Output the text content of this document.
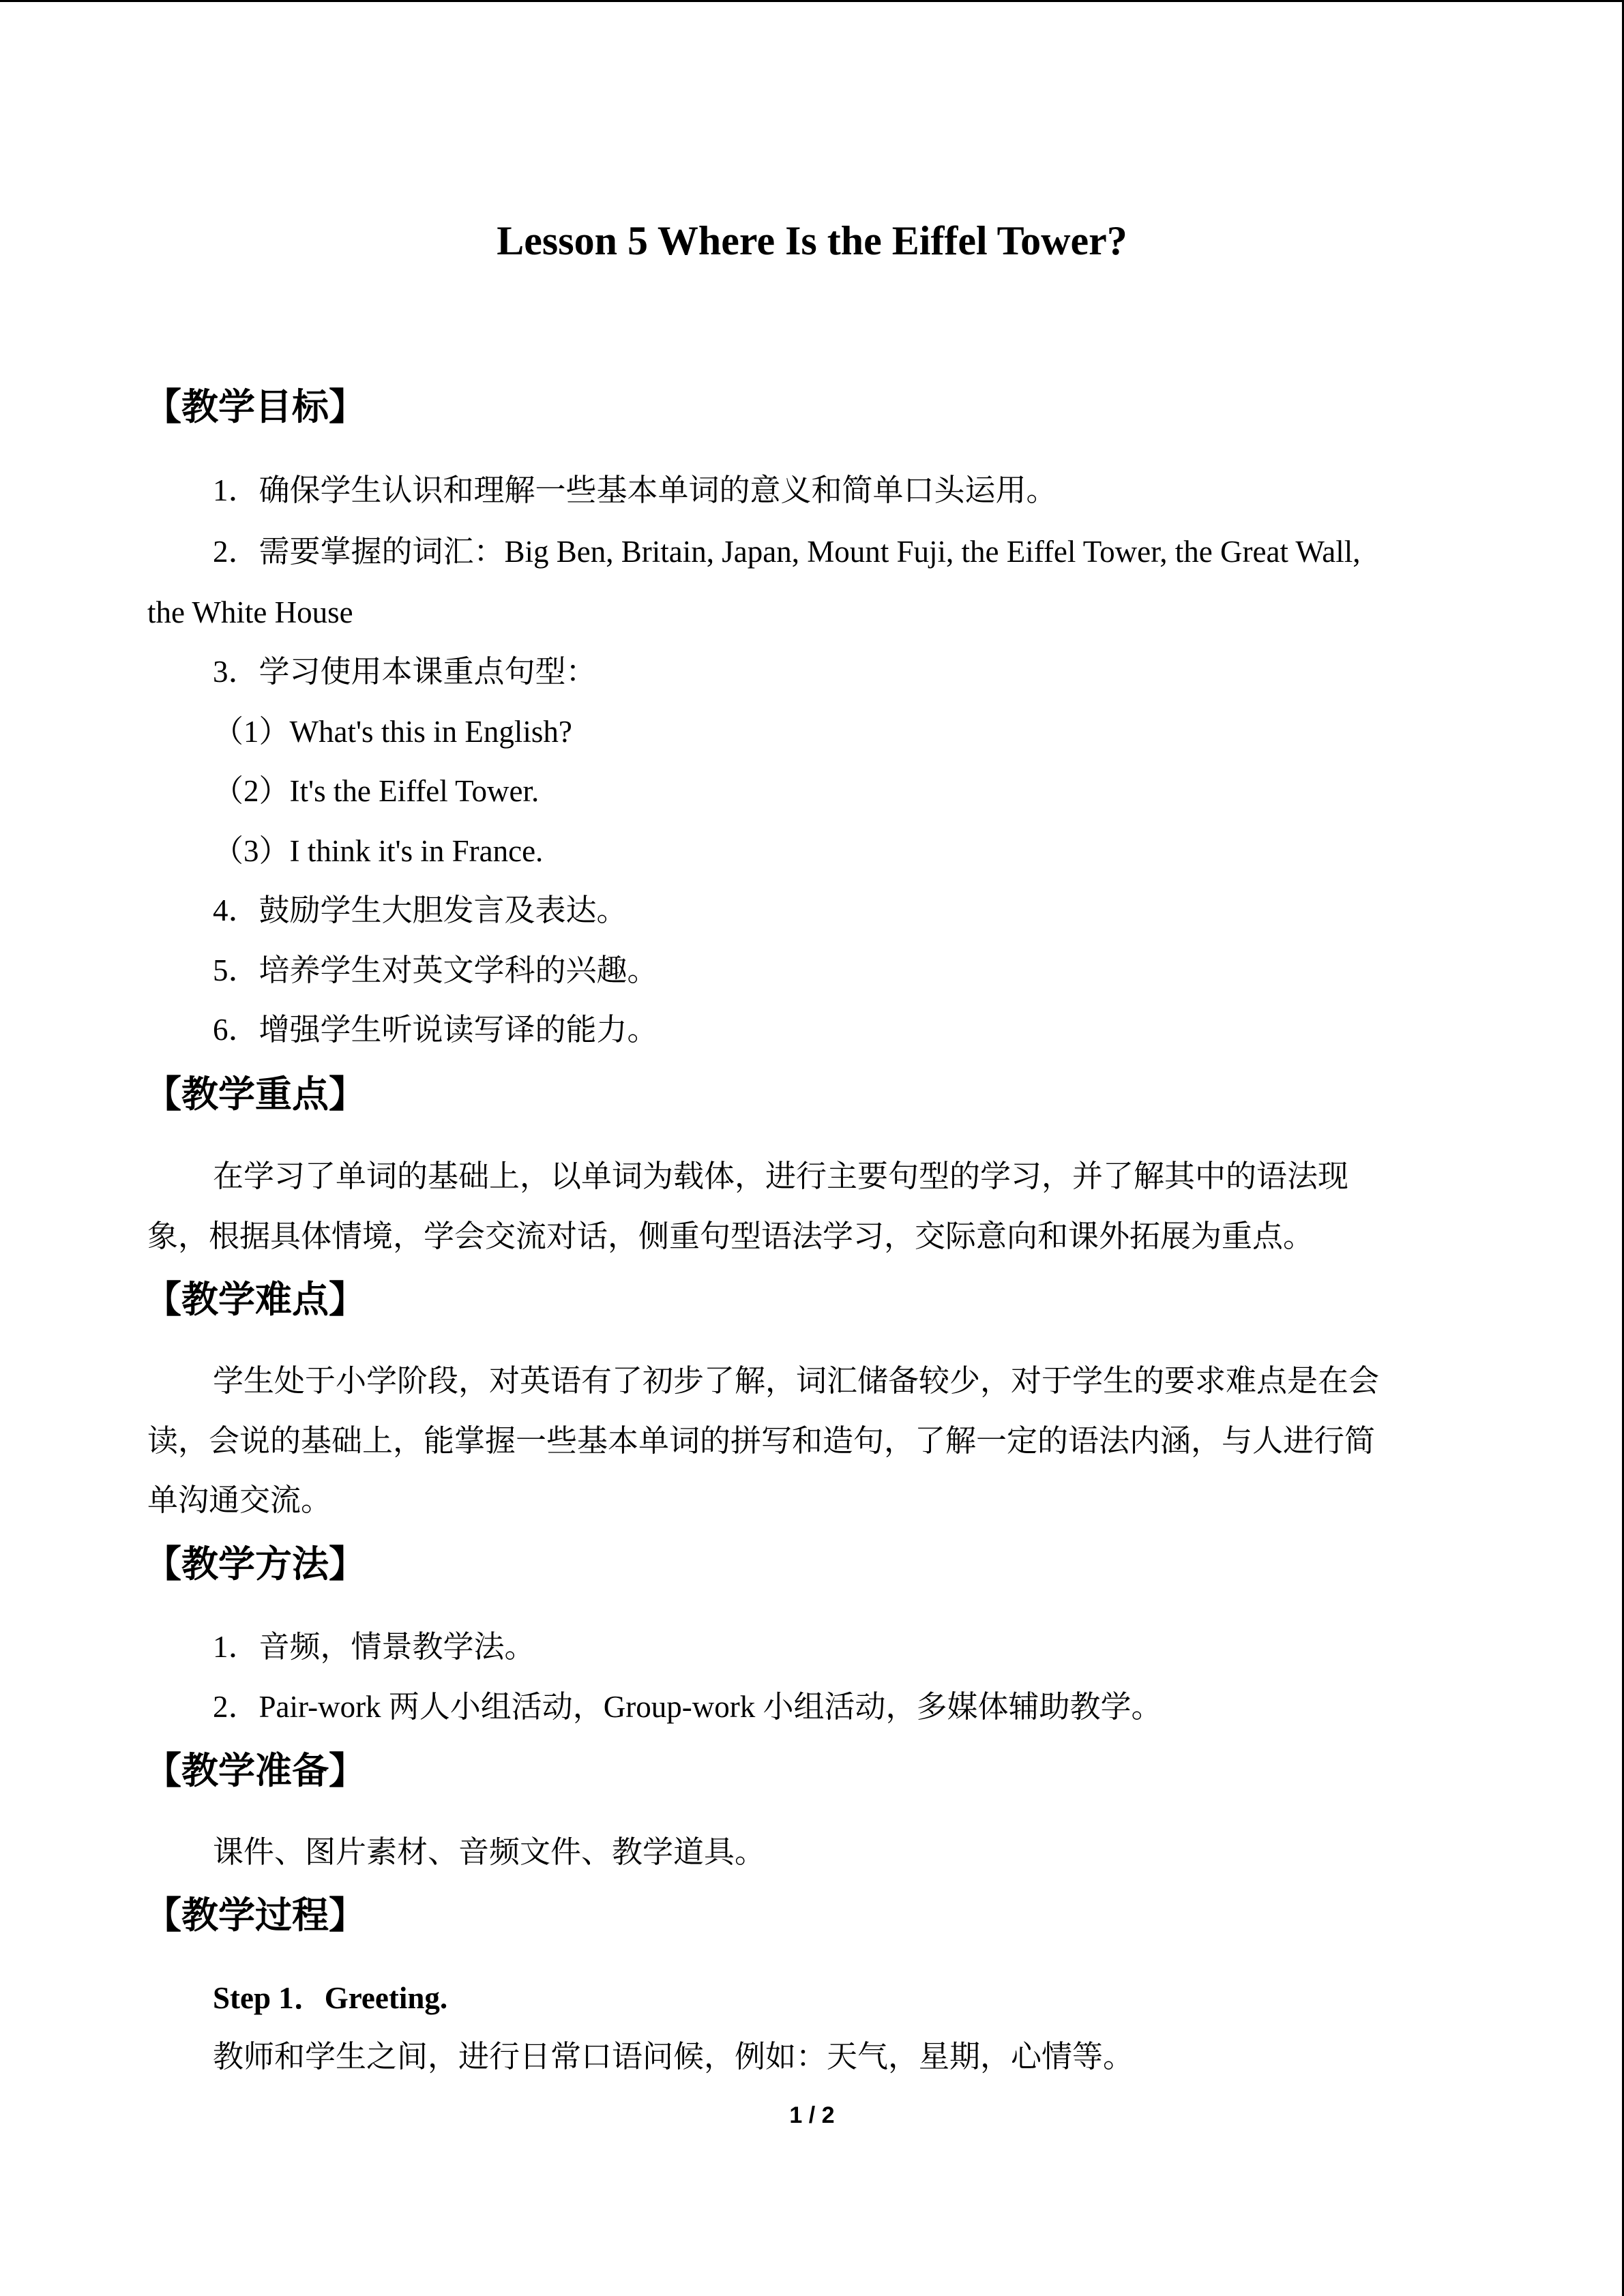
Lesson 5 Where Is the Eiffel Tower?
【教学目标】
1．确保学生认识和理解一些基本单词的意义和简单口头运用。
2．需要掌握的词汇：Big Ben, Britain, Japan, Mount Fuji, the Eiffel Tower, the Great Wall,
the White House
3．学习使用本课重点句型：
（1）What's this in English?
（2）It's the Eiffel Tower.
（3）I think it's in France.
4．鼓励学生大胆发言及表达。
5．培养学生对英文学科的兴趣。
6．增强学生听说读写译的能力。
【教学重点】
在学习了单词的基础上，以单词为载体，进行主要句型的学习，并了解其中的语法现
象，根据具体情境，学会交流对话，侧重句型语法学习，交际意向和课外拓展为重点。
【教学难点】
学生处于小学阶段，对英语有了初步了解，词汇储备较少，对于学生的要求难点是在会
读，会说的基础上，能掌握一些基本单词的拼写和造句，了解一定的语法内涵，与人进行简
单沟通交流。
【教学方法】
1．音频，情景教学法。
2．Pair-work 两人小组活动，Group-work 小组活动，多媒体辅助教学。
【教学准备】
课件、图片素材、音频文件、教学道具。
【教学过程】
Step 1．Greeting.
教师和学生之间，进行日常口语问候，例如：天气，星期，心情等。
1 / 2
